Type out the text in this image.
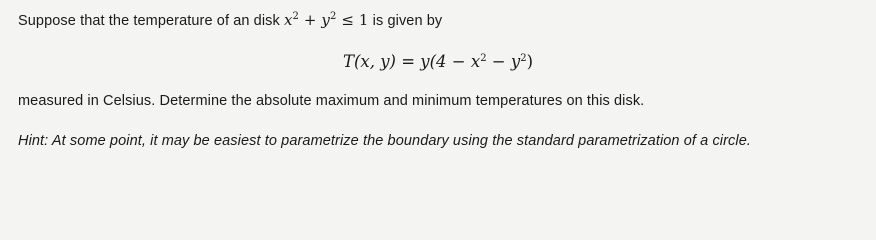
Suppose that the temperature of an disk $x^2 + y^2 \le 1$ is given by
T(x, $y) = y(4 - x^2 - y^2)$
measured in Celsius. Determine the absolute maximum and minimum temperatures on this disk.
Hint: At some point, it may be easiest to parametrize the boundary using the standard parametrization of a circle.
